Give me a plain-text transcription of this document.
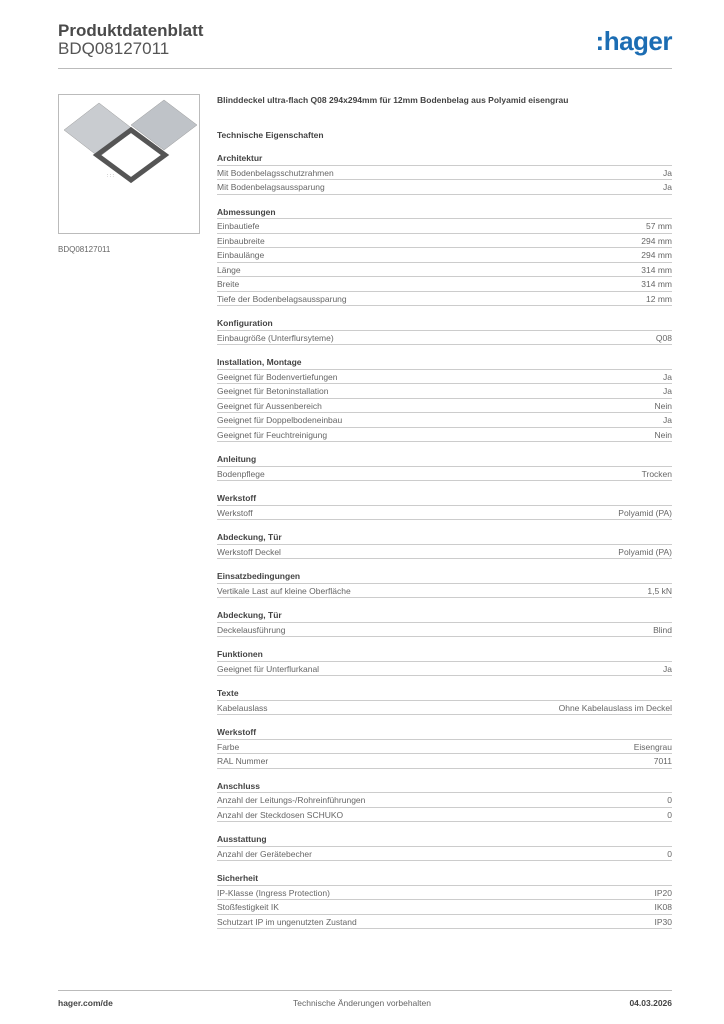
Produktdatenblatt
BDQ08127011	:hager
: : :
BDQ08127011
Blinddeckel ultra-flach Q08 294x294mm für 12mm Bodenbelag aus Polyamid eisengrau
Technische Eigenschaften
Architektur
Mit Bodenbelagsschutzrahmen	Ja
Mit Bodenbelagsaussparung	Ja
Abmessungen
Einbautiefe	57 mm
Einbaubreite	294 mm
Einbaulänge	294 mm
Länge	314 mm
Breite	314 mm
Tiefe der Bodenbelagsaussparung	12 mm
Konfiguration
Einbaugröße (Unterflursyteme)	Q08
Installation, Montage
Geeignet für Bodenvertiefungen	Ja
Geeignet für Betoninstallation	Ja
Geeignet für Aussenbereich	Nein
Geeignet für Doppelbodeneinbau	Ja
Geeignet für Feuchtreinigung	Nein
Anleitung
Bodenpflege	Trocken
Werkstoff
Werkstoff	Polyamid (PA)
Abdeckung, Tür
Werkstoff Deckel	Polyamid (PA)
Einsatzbedingungen
Vertikale Last auf kleine Oberfläche	1,5 kN
Abdeckung, Tür
Deckelausführung	Blind
Funktionen
Geeignet für Unterflurkanal	Ja
Texte
Kabelauslass	Ohne Kabelauslass im Deckel
Werkstoff
Farbe	Eisengrau
RAL Nummer	7011
Anschluss
Anzahl der Leitungs-/Rohreinführungen	0
Anzahl der Steckdosen SCHUKO	0
Ausstattung
Anzahl der Gerätebecher	0
Sicherheit
IP-Klasse (Ingress Protection)	IP20
Stoßfestigkeit IK	IK08
Schutzart IP im ungenutzten Zustand	IP30
hager.com/de	Technische Änderungen vorbehalten	04.03.2026
